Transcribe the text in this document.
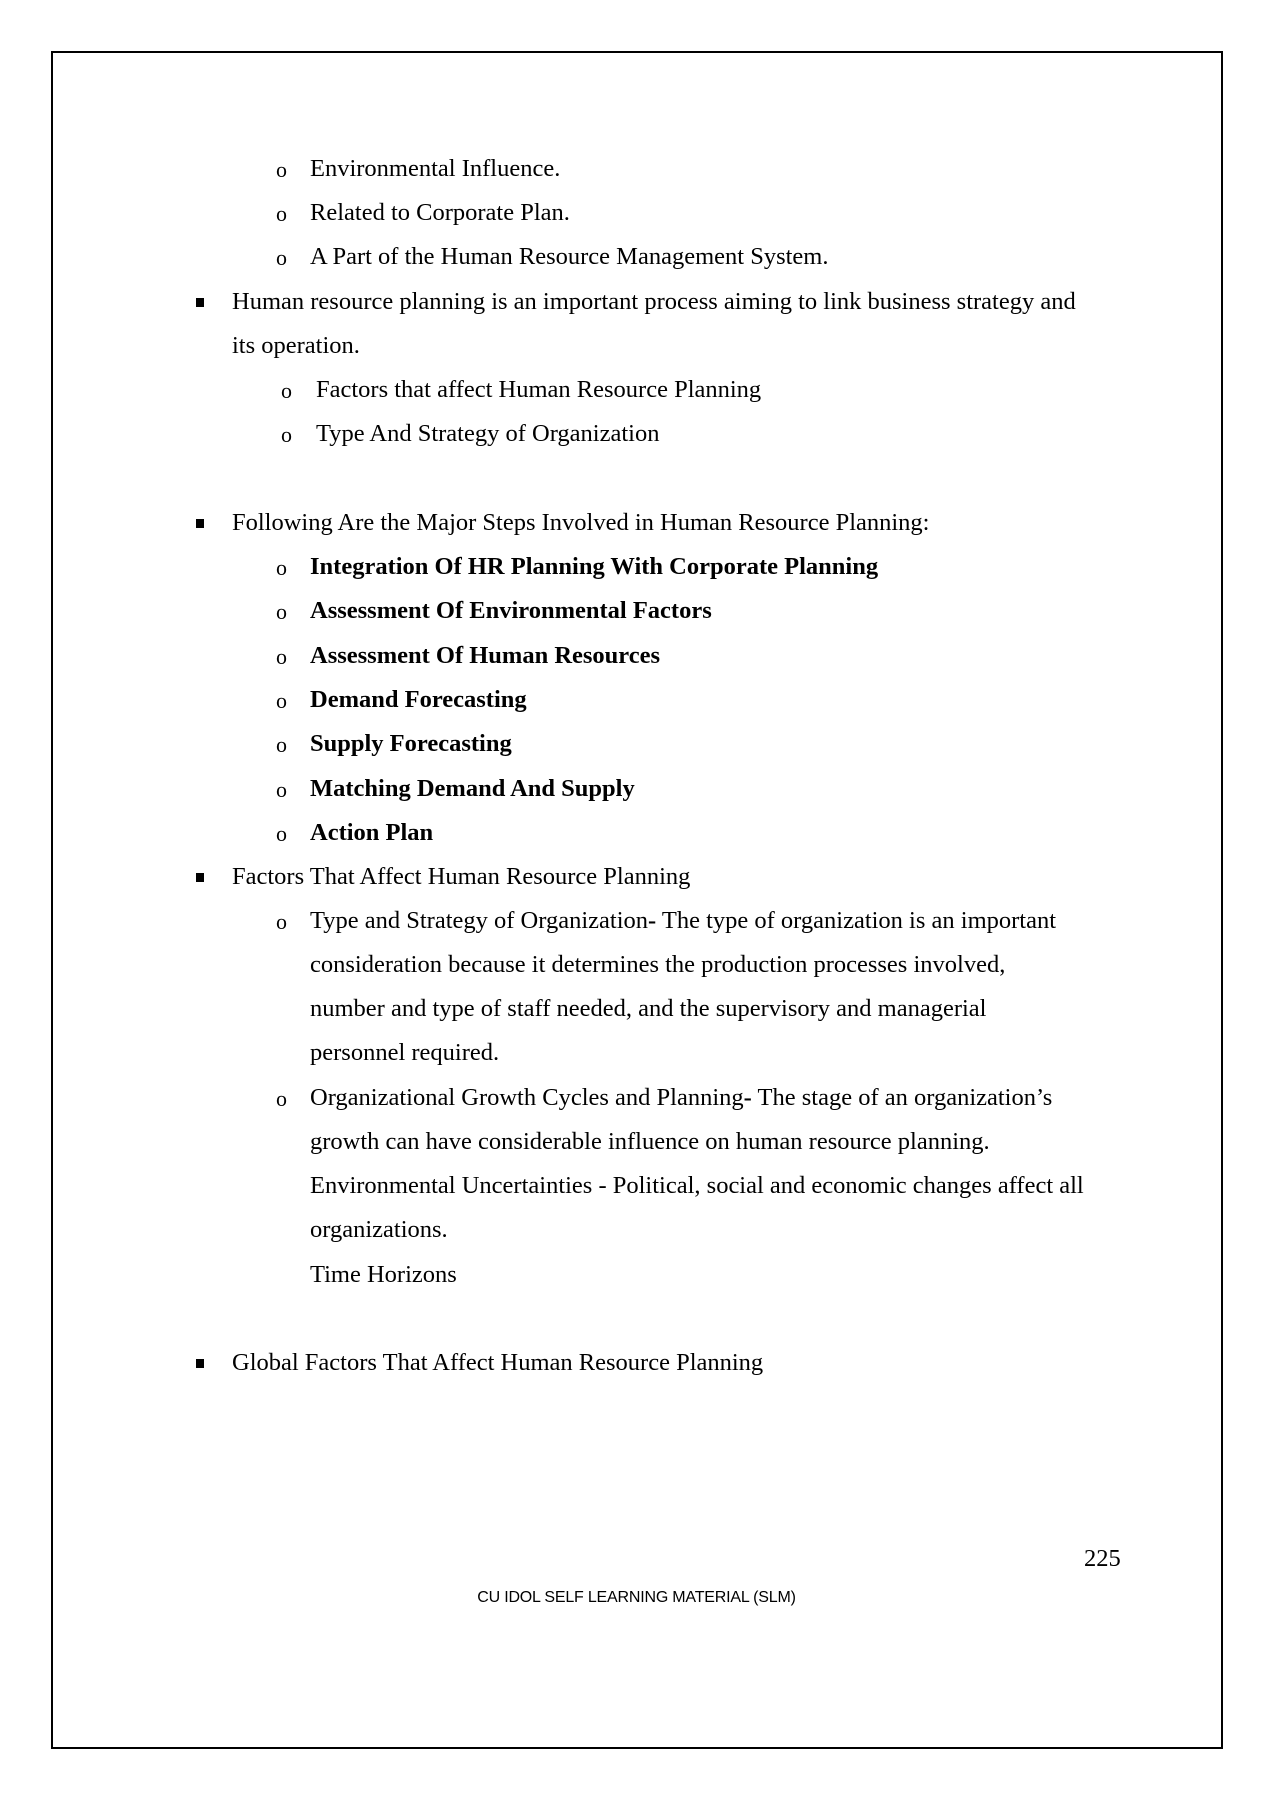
o Environmental Influence.
o Related to Corporate Plan.
o A Part of the Human Resource Management System.
Human resource planning is an important process aiming to link business strategy and
its operation.
o Factors that affect Human Resource Planning
o Type And Strategy of Organization
Following Are the Major Steps Involved in Human Resource Planning:
o Integration Of HR Planning With Corporate Planning
o Assessment Of Environmental Factors
o Assessment Of Human Resources
o Demand Forecasting
o Supply Forecasting
o Matching Demand And Supply
o Action Plan
Factors That Affect Human Resource Planning
o Type and Strategy of Organization- The type of organization is an important
consideration because it determines the production processes involved,
number and type of staff needed, and the supervisory and managerial
personnel required.
o Organizational Growth Cycles and Planning- The stage of an organization’s
growth can have considerable influence on human resource planning.
Environmental Uncertainties - Political, social and economic changes affect all
organizations.
Time Horizons
Global Factors That Affect Human Resource Planning
225
CU IDOL SELF LEARNING MATERIAL (SLM)
